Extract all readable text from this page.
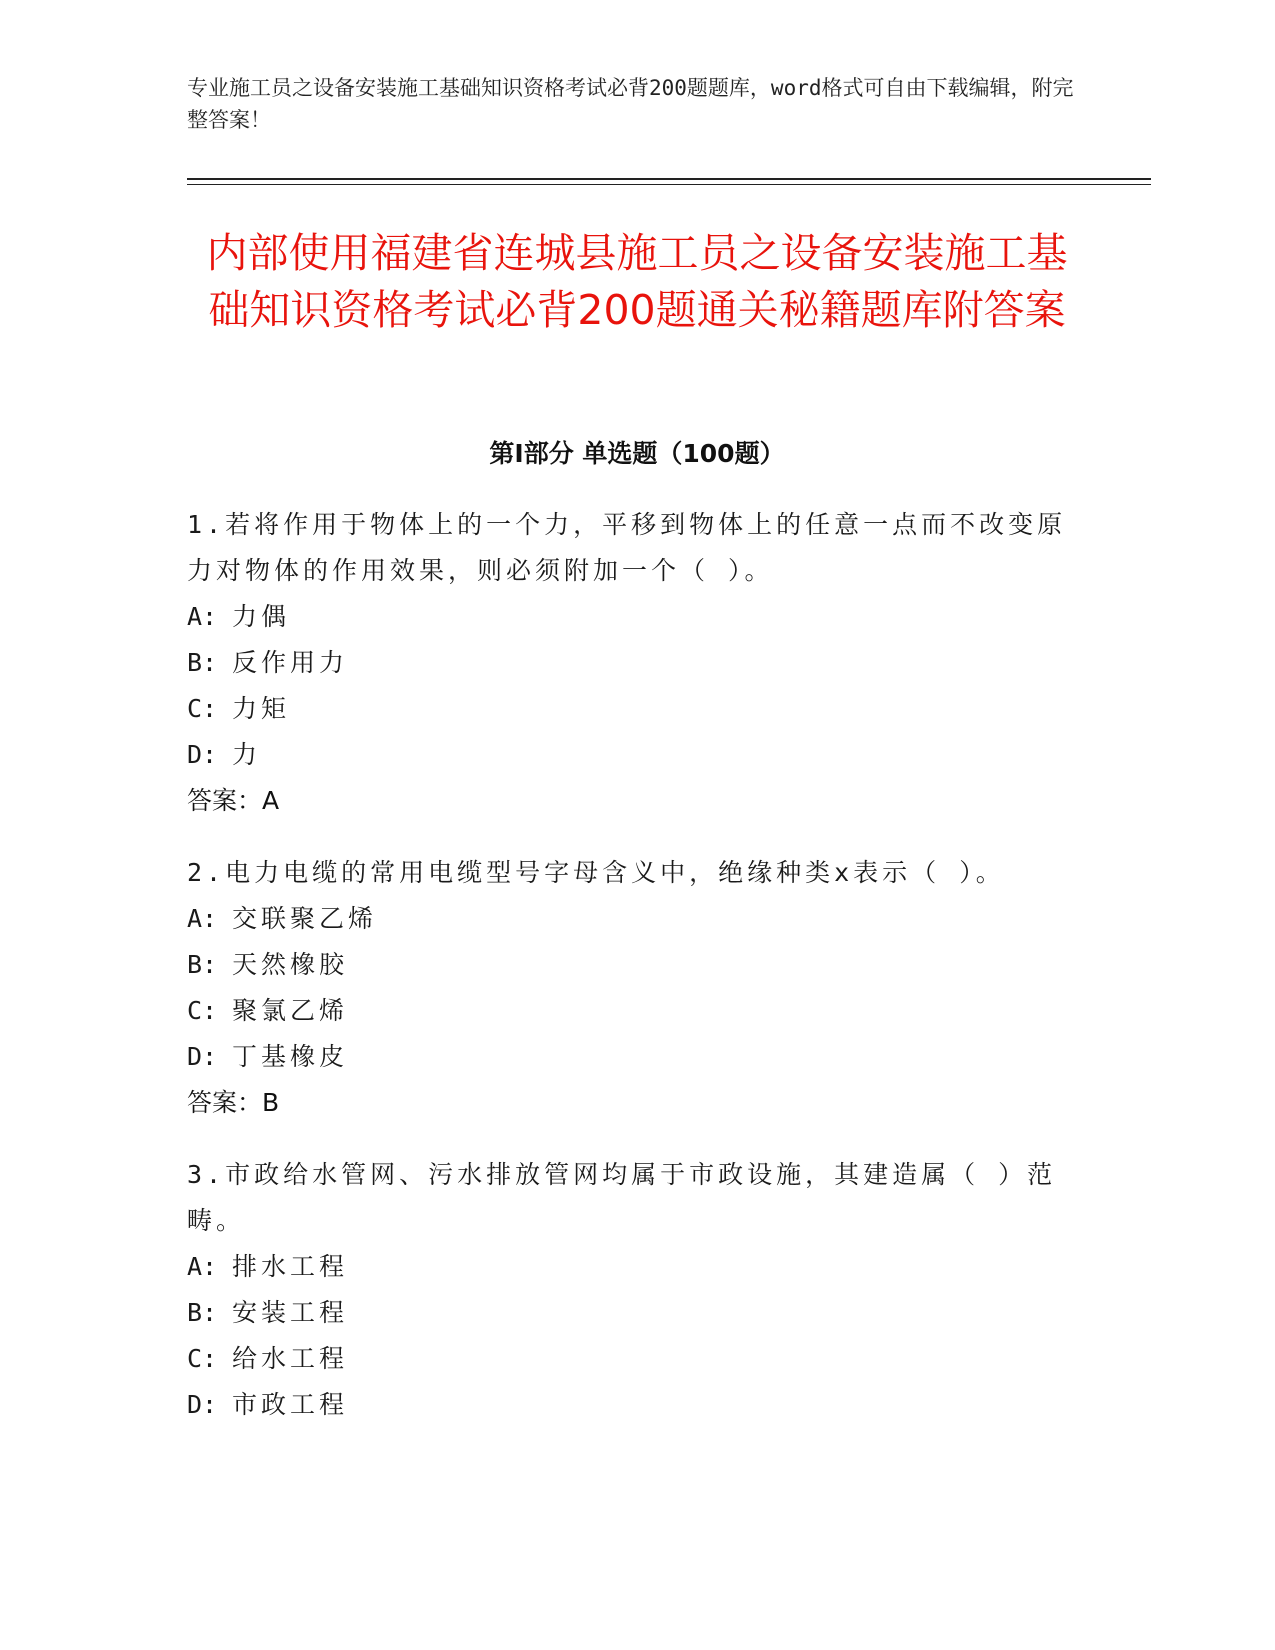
专业施工员之设备安装施工基础知识资格考试必背200题题库，word格式可自由下载编辑，附完整答案！
内部使用福建省连城县施工员之设备安装施工基础知识资格考试必背200题通关秘籍题库附答案
第Ⅰ部分 单选题（100题）
1.若将作用于物体上的一个力，平移到物体上的任意一点而不改变原力对物体的作用效果，则必须附加一个（ ）。
A: 力偶
B: 反作用力
C: 力矩
D: 力
答案：A
2.电力电缆的常用电缆型号字母含义中，绝缘种类x表示（ ）。
A: 交联聚乙烯
B: 天然橡胶
C: 聚氯乙烯
D: 丁基橡皮
答案：B
3.市政给水管网、污水排放管网均属于市政设施，其建造属（ ）范畴。
A: 排水工程
B: 安装工程
C: 给水工程
D: 市政工程
